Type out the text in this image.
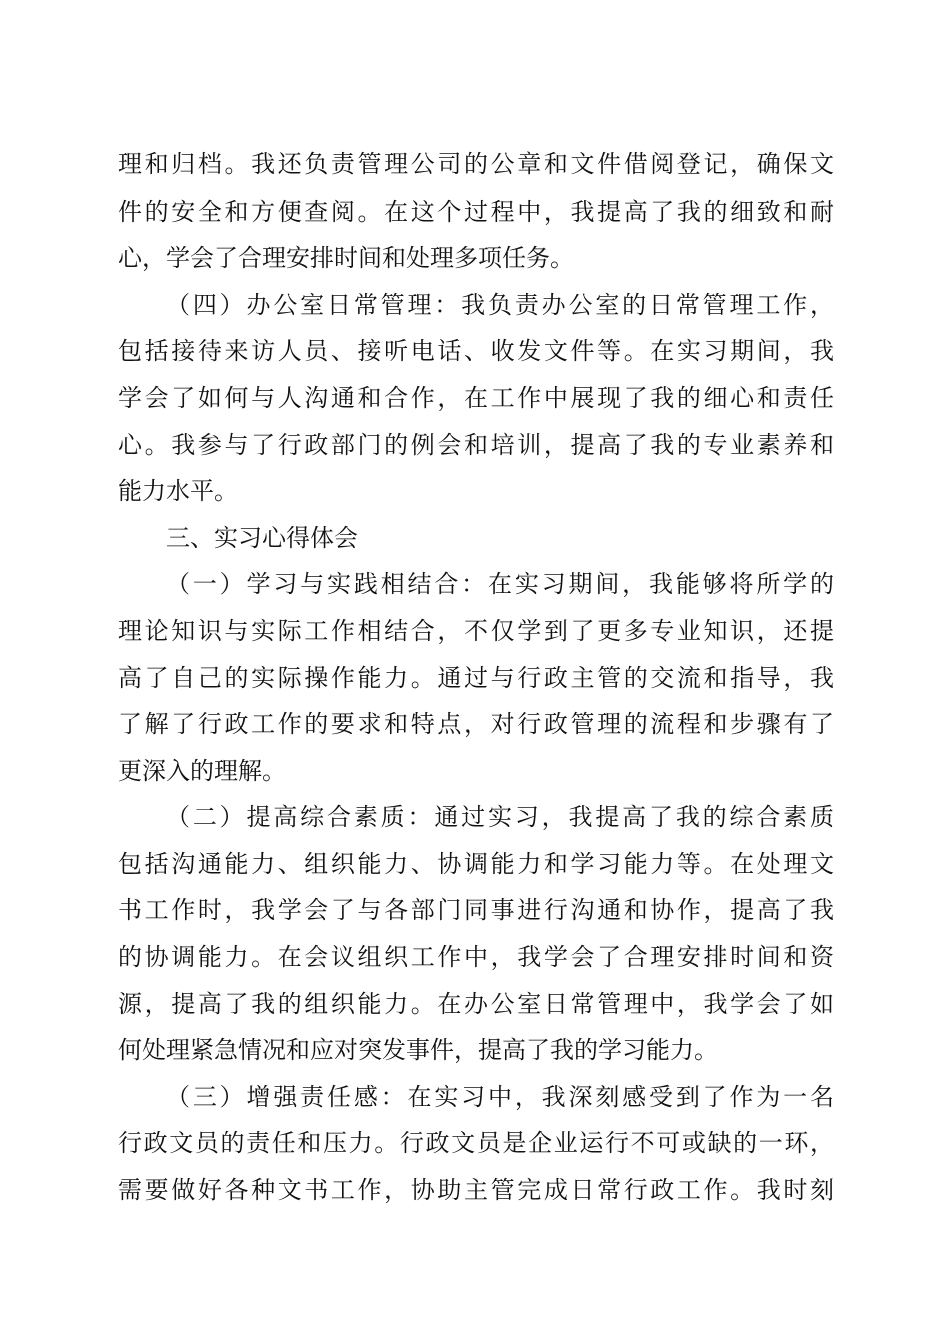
理和归档。我还负责管理公司的公章和文件借阅登记，确保文
件的安全和方便查阅。在这个过程中，我提高了我的细致和耐
心，学会了合理安排时间和处理多项任务。
（四）办公室日常管理：我负责办公室的日常管理工作，
包括接待来访人员、接听电话、收发文件等。在实习期间，我
学会了如何与人沟通和合作，在工作中展现了我的细心和责任
心。我参与了行政部门的例会和培训，提高了我的专业素养和
能力水平。
三、实习心得体会
（一）学习与实践相结合：在实习期间，我能够将所学的
理论知识与实际工作相结合，不仅学到了更多专业知识，还提
高了自己的实际操作能力。通过与行政主管的交流和指导，我
了解了行政工作的要求和特点，对行政管理的流程和步骤有了
更深入的理解。
（二）提高综合素质：通过实习，我提高了我的综合素质
包括沟通能力、组织能力、协调能力和学习能力等。在处理文
书工作时，我学会了与各部门同事进行沟通和协作，提高了我
的协调能力。在会议组织工作中，我学会了合理安排时间和资
源，提高了我的组织能力。在办公室日常管理中，我学会了如
何处理紧急情况和应对突发事件，提高了我的学习能力。
（三）增强责任感：在实习中，我深刻感受到了作为一名
行政文员的责任和压力。行政文员是企业运行不可或缺的一环，
需要做好各种文书工作，协助主管完成日常行政工作。我时刻
